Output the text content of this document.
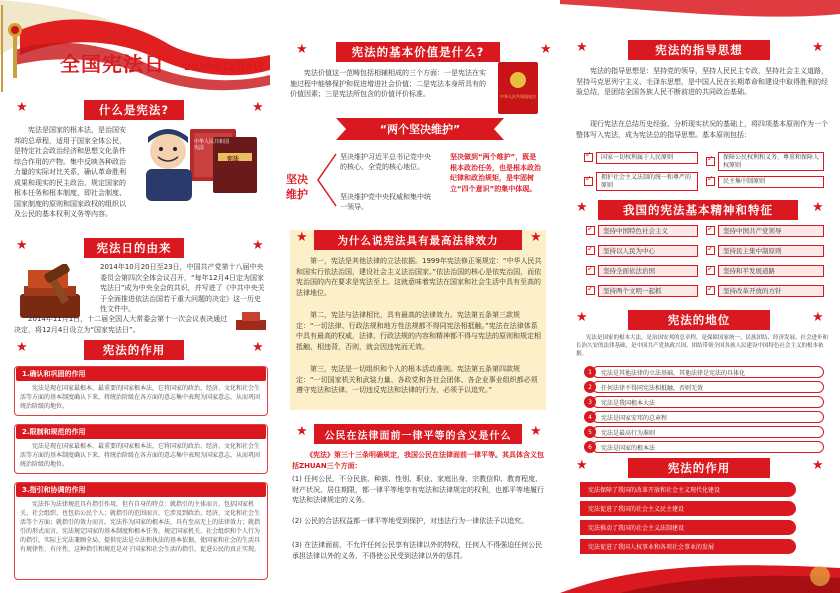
全国宪法日 2020年12月4日
★	★
什么是宪法?
宪法是国家的根本法，是治国安邦的总章程，适用于国家全体公民，是特定社会政治经济和思想文化条件综合作用的产物。集中反映各种政治力量的实际对比关系，确认革命胜利成果和现实的民主政治，规定国家的根本任务和根本制度，即社会制度、国家制度的原则和国家政权的组织以及公民的基本权利义务等内容。
中华人民共和国宪法
宪法
★	★
宪法日的由来
2014年10月20日至23日，中国共产党第十八届中央委员会第四次全体会议召开，“每年12月4日定为国家宪法日”成为中央全会的共识，并写进了《中共中央关于全面推进依法治国若干重大问题的决定》这一历史性文件中。
2014年11月1日，十二届全国人大常委会第十一次会议表决通过决定，将12月4日设立为“国家宪法日”。
★	★
宪法的作用
1.确认和巩固的作用
宪法是现在国家最根本、最重要的国家根本法，它将国家的政治、经济、文化和社会生活等方面的基本制度确认下来，将统治阶级在各方面的意志集中表现为国家意志，从而巩固统治阶级的地位。
2.限制和规范的作用
宪法是现在国家最根本、最重要的国家根本法，它将国家的政治、经济、文化和社会生活等方面的基本制度确认下来，将统治阶级在各方面的意志集中表现为国家意志，从而巩固统治阶级的地位。
3.指引和协调的作用
宪法作为法律规范具有指引作用，但有自身的特点：就指引的主体而言，包括国家机关、社会组织、也包括公民个人；就指引的范围而言，它涉及到政治、经济、文化和社会生活等个方面；就指引的效力而言，宪法作为国家的根本法，具有至高无上的法律效力；就指引的形式而言，宪法规定国家的基本制度和根本任务，规定国家机关、社会组织和个人行为的指引，实际上宪法兼顾全局，提供宪法是立法和执法的基本依据，使国家和社会的生活具有规律性、有序性，这种指引和规范是对于国家和社会生活的指引，促进公民的真正实现。
★	★
宪法的基本价值是什么?
宪法价值这一范畴包括相辅相成的三个方面：一是宪法在实施过程中能够保护和促进增进社会价值；二是宪法本身所具有的价值因素；三是宪法所包含的价值评价标准。	中华人民共和国宪法
“两个坚决维护”
坚决维护
坚决维护习近平总书记党中央的核心、全党的核心地位。
坚决维护党中央权威和集中统一领导。
坚决做到“两个维护”，既是根本政治任务，也是根本政治纪律和政治规矩，是牢固树立“四个意识”的集中体现。
★	★
为什么说宪法具有最高法律效力
第一，宪法是其他法律的立法依据。1999年宪法修正案规定：“中华人民共和国实行依法治国，建设社会主义法治国家。”依法治国的核心是依宪治国，而依宪治国的内在要求是宪法至上。这就意味着宪法在国家和社会生活中具有至高的法律地位。
第二，宪法与法律相比，具有最高的法律效力。宪法第五条第三款规定：“一切法律、行政法规和地方性法规都不得同宪法相抵触。”宪法在法律体系中具有最高的权威，法律、行政法规的内容和精神都不得与宪法的原则和规定相抵触、相违背，否则，就会因违宪而无效。
第三，宪法是一切组织和个人的根本活动准则。宪法第五条第四款规定：“一切国家机关和武装力量、各政党和各社会团体、各企业事业组织都必须遵守宪法和法律。一切违反宪法和法律的行为，必须予以追究。”
★	★
公民在法律面前一律平等的含义是什么
《宪法》第三十三条明确规定，我国公民在法律面前一律平等。其具体含义包括ZHUAN三个方面：
(1) 任何公民，不分民族、种族、性别、职业、家庭出身、宗教信仰、教育程度、财产状况、居住期限，都一律平等地享有宪法和法律规定的权利，也都平等地履行宪法和法律规定的义务。
(2) 公民的合法权益都一律平等地受到保护，对违法行为一律依法予以追究。
(3) 在法律面前，不允许任何公民享有法律以外的特权，任何人不得强迫任何公民承担法律以外的义务，不得使公民受到法律以外的惩罚。
★	★
宪法的指导思想
宪法的指导思想是：坚持党的领导，坚持人民民主专政，坚持社会主义道路，坚持马克思列宁主义、毛泽东思想，是中国人民在长期革命和建设中取得胜利的经验总结，是团结全国各族人民不断前进的共同政治基础。
现行宪法在总结历史经验、分析现实状况的基础上，将四项基本原则作为一个整体写入宪法，成为宪法总的指导思想。基本原则包括：
✓
国家一切权利属于人民原则 ✓	保障公民权利和义务、尊重和保障人权原则
✓
拥护社会主义法制的统一和尊严的原则 ✓	民主集中制原则
★	★
我国的宪法基本精神和特征
✓
坚持中国特色社会主义 ✓	坚持中国共产党领导
✓
坚持以人民为中心 ✓	坚持民主集中制原则
✓
坚持全面依法治国 ✓	坚持和平发展道路
✓
坚持两个文明一起抓 ✓	坚持改革开放的方针
★	★
宪法的地位
宪法是国家的根本大法，是治国安邦的总章程，是保障国家统一、民族团结、经济发展、社会进步和长治久安的法律基础，是中国共产党执政兴国、团结带领全国各族人民建设中国特色社会主义的根本依据。
1	宪法是其他法律的立法基础，其他法律是宪法的具体化
2	任何法律不得同宪法相抵触，否则无效
3	宪法是我国根本大法
4	宪法是国家安邦的总章程
5	宪法是最高行为准则
6	宪法是国家的根本法
★	★
宪法的作用
宪法保障了我国的改革开放和社会主义现代化建设
宪法促进了我国的社会主义民主建设
宪法推动了我国的社会主义法制建设
宪法促进了我国人权事业和各项社会事业的发展
